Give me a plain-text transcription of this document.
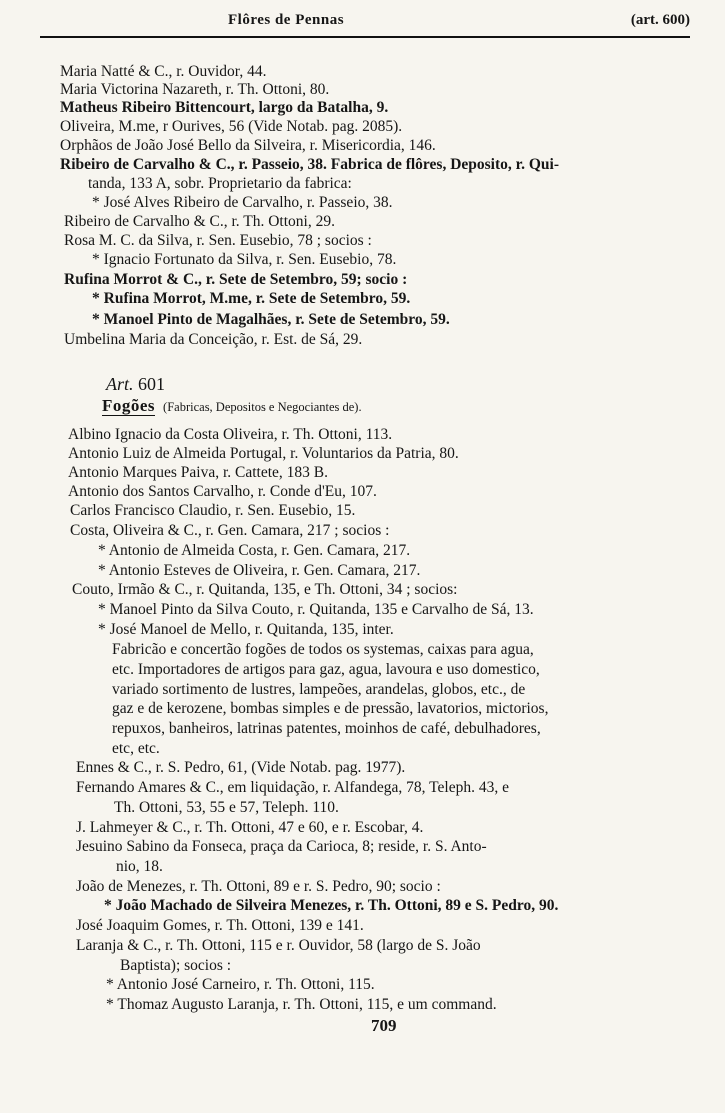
Flôres de Pennas	(art. 600)
Maria Natté & C., r. Ouvidor, 44.
Maria Victorina Nazareth, r. Th. Ottoni, 80.
Matheus Ribeiro Bittencourt, largo da Batalha, 9.
Oliveira, M.me, r Ourives, 56 (Vide Notab. pag. 2085).
Orphãos de João José Bello da Silveira, r. Misericordia, 146.
Ribeiro de Carvalho & C., r. Passeio, 38. Fabrica de flôres, Deposito, r. Qui-
tanda, 133 A, sobr. Proprietario da fabrica:
* José Alves Ribeiro de Carvalho, r. Passeio, 38.
Ribeiro de Carvalho & C., r. Th. Ottoni, 29.
Rosa M. C. da Silva, r. Sen. Eusebio, 78 ; socios :
* Ignacio Fortunato da Silva, r. Sen. Eusebio, 78.
Rufina Morrot & C., r. Sete de Setembro, 59; socio :
* Rufina Morrot, M.me, r. Sete de Setembro, 59.
* Manoel Pinto de Magalhães, r. Sete de Setembro, 59.
Umbelina Maria da Conceição, r. Est. de Sá, 29.
Art. 601
Fogões (Fabricas, Depositos e Negociantes de).
Albino Ignacio da Costa Oliveira, r. Th. Ottoni, 113.
Antonio Luiz de Almeida Portugal, r. Voluntarios da Patria, 80.
Antonio Marques Paiva, r. Cattete, 183 B.
Antonio dos Santos Carvalho, r. Conde d'Eu, 107.
Carlos Francisco Claudio, r. Sen. Eusebio, 15.
Costa, Oliveira & C., r. Gen. Camara, 217 ; socios :
* Antonio de Almeida Costa, r. Gen. Camara, 217.
* Antonio Esteves de Oliveira, r. Gen. Camara, 217.
Couto, Irmão & C., r. Quitanda, 135, e Th. Ottoni, 34 ; socios:
* Manoel Pinto da Silva Couto, r. Quitanda, 135 e Carvalho de Sá, 13.
* José Manoel de Mello, r. Quitanda, 135, inter.
Fabricão e concertão fogões de todos os systemas, caixas para agua,
etc. Importadores de artigos para gaz, agua, lavoura e uso domestico,
variado sortimento de lustres, lampeões, arandelas, globos, etc., de
gaz e de kerozene, bombas simples e de pressão, lavatorios, mictorios,
repuxos, banheiros, latrinas patentes, moinhos de café, debulhadores,
etc, etc.
Ennes & C., r. S. Pedro, 61, (Vide Notab. pag. 1977).
Fernando Amares & C., em liquidação, r. Alfandega, 78, Teleph. 43, e
Th. Ottoni, 53, 55 e 57, Teleph. 110.
J. Lahmeyer & C., r. Th. Ottoni, 47 e 60, e r. Escobar, 4.
Jesuino Sabino da Fonseca, praça da Carioca, 8; reside, r. S. Anto-
nio, 18.
João de Menezes, r. Th. Ottoni, 89 e r. S. Pedro, 90; socio :
* João Machado de Silveira Menezes, r. Th. Ottoni, 89 e S. Pedro, 90.
José Joaquim Gomes, r. Th. Ottoni, 139 e 141.
Laranja & C., r. Th. Ottoni, 115 e r. Ouvidor, 58 (largo de S. João
Baptista); socios :
* Antonio José Carneiro, r. Th. Ottoni, 115.
* Thomaz Augusto Laranja, r. Th. Ottoni, 115, e um command.
709
